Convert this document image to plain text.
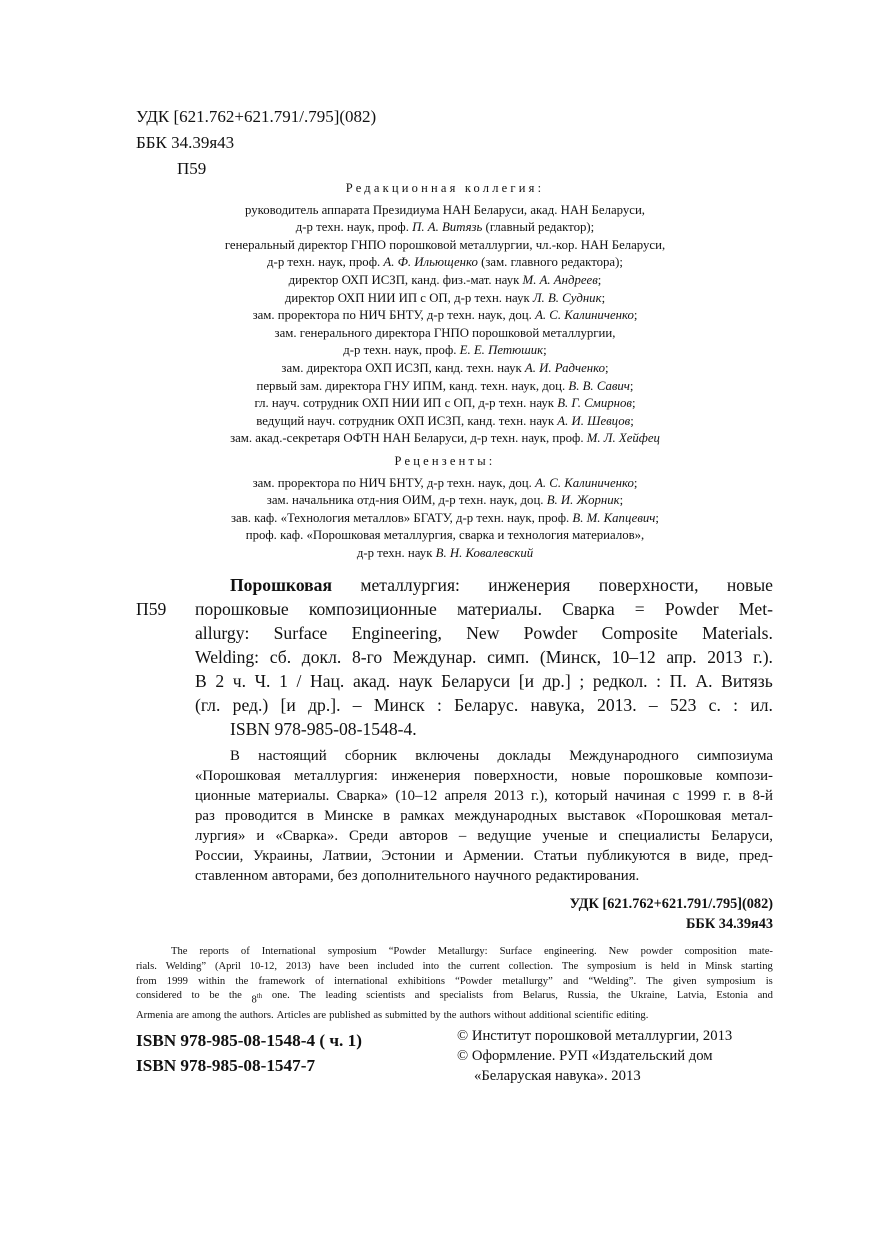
УДК [621.762+621.791/.795](082)
ББК 34.39я43
П59
Редакционная коллегия:
руководитель аппарата Президиума НАН Беларуси, акад. НАН Беларуси,
д-р техн. наук, проф. П. А. Витязь (главный редактор);
генеральный директор ГНПО порошковой металлургии, чл.-кор. НАН Беларуси,
д-р техн. наук, проф. А. Ф. Ильющенко (зам. главного редактора);
директор ОХП ИСЗП, канд. физ.-мат. наук М. А. Андреев;
директор ОХП НИИ ИП с ОП, д-р техн. наук Л. В. Судник;
зам. проректора по НИЧ БНТУ, д-р техн. наук, доц. А. С. Калиниченко;
зам. генерального директора ГНПО порошковой металлургии,
д-р техн. наук, проф. Е. Е. Петюшик;
зам. директора ОХП ИСЗП, канд. техн. наук А. И. Радченко;
первый зам. директора ГНУ ИПМ, канд. техн. наук, доц. В. В. Савич;
гл. науч. сотрудник ОХП НИИ ИП с ОП, д-р техн. наук В. Г. Смирнов;
ведущий науч. сотрудник ОХП ИСЗП, канд. техн. наук А. И. Шевцов;
зам. акад.-секретаря ОФТН НАН Беларуси, д-р техн. наук, проф. М. Л. Хейфец
Рецензенты:
зам. проректора по НИЧ БНТУ, д-р техн. наук, доц. А. С. Калиниченко;
зам. начальника отд-ния ОИМ, д-р техн. наук, доц. В. И. Жорник;
зав. каф. «Технология металлов» БГАТУ, д-р техн. наук, проф. В. М. Капцевич;
проф. каф. «Порошковая металлургия, сварка и технология материалов»,
д-р техн. наук В. Н. Ковалевский
П59
Порошковая металлургия: инженерия поверхности, новые
порошковые композиционные материалы. Сварка = Powder Met-
allurgy: Surface Engineering, New Powder Composite Materials.
Welding: сб. докл. 8-го Междунар. симп. (Минск, 10–12 апр. 2013 г.).
В 2 ч. Ч. 1 / Нац. акад. наук Беларуси [и др.] ; редкол. : П. А. Витязь
(гл. ред.) [и др.]. – Минск : Беларус. навука, 2013. – 523 с. : ил.
ISBN 978-985-08-1548-4.
В настоящий сборник включены доклады Международного симпозиума
«Порошковая металлургия: инженерия поверхности, новые порошковые компози-
ционные материалы. Сварка» (10–12 апреля 2013 г.), который начиная с 1999 г. в 8-й
раз проводится в Минске в рамках международных выставок «Порошковая метал-
лургия» и «Сварка». Среди авторов – ведущие ученые и специалисты Беларуси,
России, Украины, Латвии, Эстонии и Армении. Статьи публикуются в виде, пред-
ставленном авторами, без дополнительного научного редактирования.
УДК [621.762+621.791/.795](082)
ББК 34.39я43
The reports of International symposium “Powder Metallurgy: Surface engineering. New powder composition mate-
rials. Welding” (April 10-12, 2013) have been included into the current collection. The symposium is held in Minsk starting
from 1999 within the framework of international exhibitions “Powder metallurgy” and “Welding”. The given symposium is
considered to be the 8th one. The leading scientists and specialists from Belarus, Russia, the Ukraine, Latvia, Estonia and
Armenia are among the authors. Articles are published as submitted by the authors without additional scientific editing.
ISBN 978-985-08-1548-4 ( ч. 1)
ISBN 978-985-08-1547-7
© Институт порошковой металлургии, 2013
© Оформление. РУП «Издательский дом
«Беларуская навука». 2013
